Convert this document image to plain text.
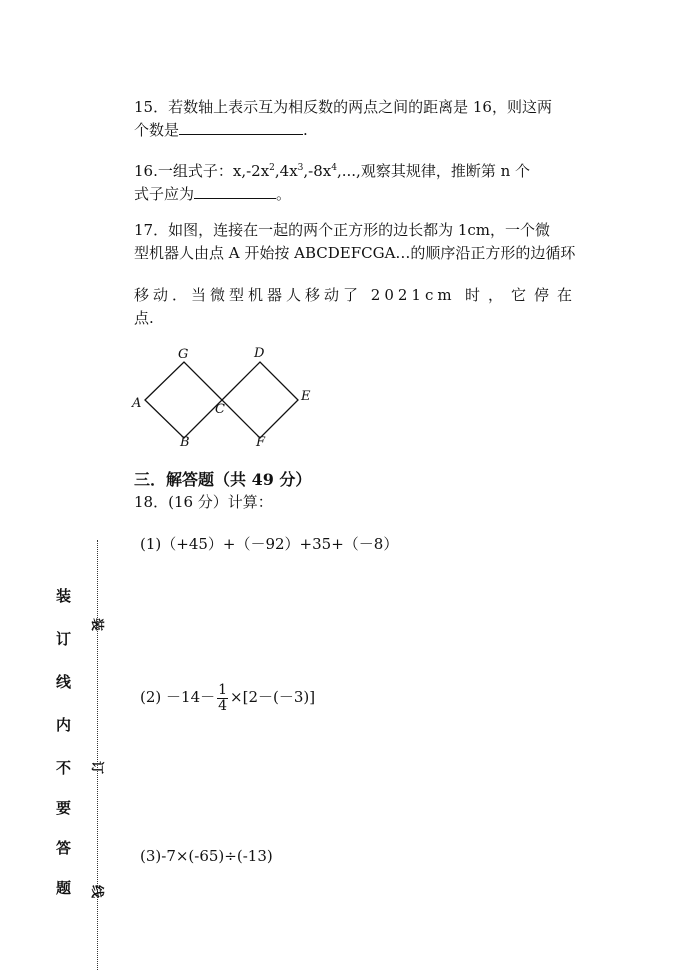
15．若数轴上表示互为相反数的两点之间的距离是 16，则这两
个数是	.
16.一组式子：$x,-2x^2,4x^3,-8x^4$,...,观察其规律，推断第 n 个
式子应为	。
17．如图，连接在一起的两个正方形的边长都为 1cm，一个微
型机器人由点 A 开始按 ABCDEFCGA…的顺序沿正方形的边循环
移动．当微型机器人移动了 2021cm 时，它停在
点.
G	D
A	C
E
B	F
三．解答题（共 49 分）
18．(16 分）计算：
(1)（+45）+（－92）+35+（－8）
$(2) -14- \frac{1}{4} \times[2-(-3)]$
(3)-7×(-65)÷(-13)
装
订
线
内
不
要
答
题
装
订
线
